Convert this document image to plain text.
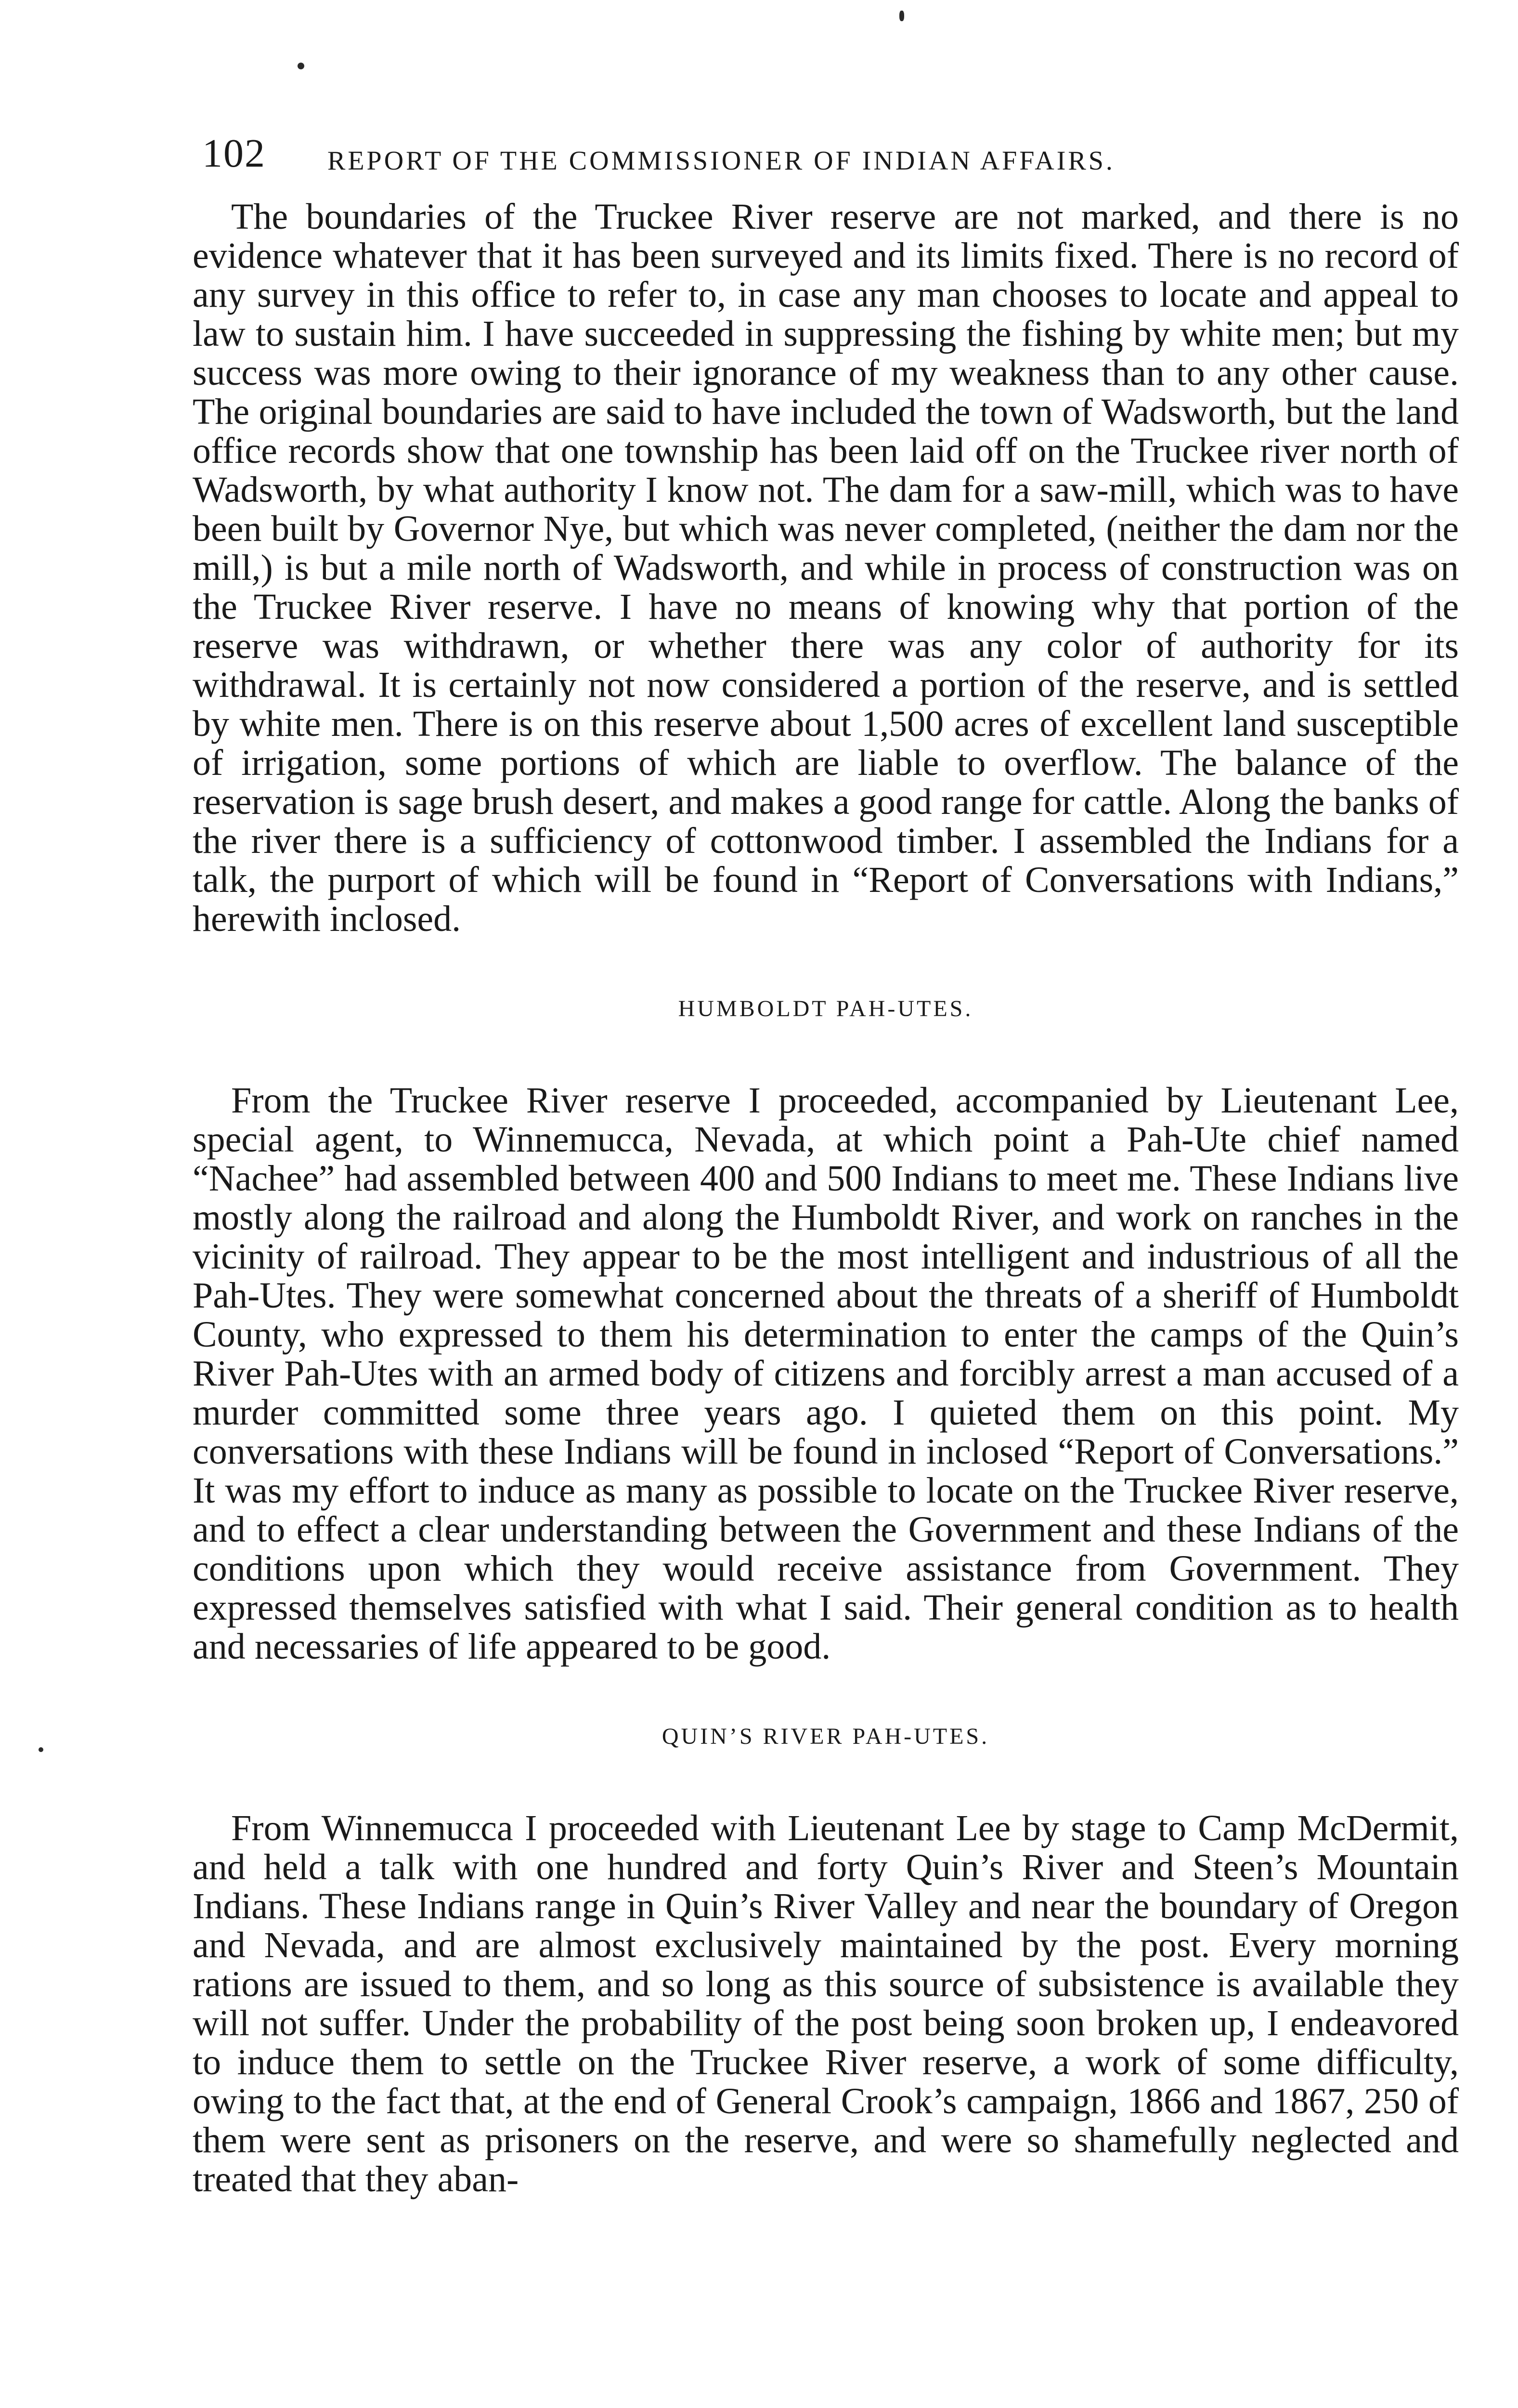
102 REPORT OF THE COMMISSIONER OF INDIAN AFFAIRS.

The boundaries of the Truckee River reserve are not marked, and there is no evidence whatever that it has been surveyed and its limits fixed. There is no record of any survey in this office to refer to, in case any man chooses to locate and appeal to law to sustain him. I have succeeded in suppressing the fishing by white men; but my success was more owing to their ignorance of my weakness than to any other cause. The original boundaries are said to have included the town of Wadsworth, but the land office records show that one township has been laid off on the Truckee river north of Wadsworth, by what authority I know not. The dam for a saw-mill, which was to have been built by Governor Nye, but which was never completed, (neither the dam nor the mill,) is but a mile north of Wadsworth, and while in process of construction was on the Truckee River reserve. I have no means of knowing why that portion of the reserve was withdrawn, or whether there was any color of authority for its withdrawal. It is certainly not now considered a portion of the reserve, and is settled by white men. There is on this reserve about 1,500 acres of excellent land susceptible of irrigation, some portions of which are liable to overflow. The balance of the reservation is sage brush desert, and makes a good range for cattle. Along the banks of the river there is a sufficiency of cottonwood timber. I assembled the Indians for a talk, the purport of which will be found in “Report of Conversations with Indians,” herewith inclosed.

HUMBOLDT PAH-UTES.

From the Truckee River reserve I proceeded, accompanied by Lieutenant Lee, special agent, to Winnemucca, Nevada, at which point a Pah-Ute chief named “Nachee” had assembled between 400 and 500 Indians to meet me. These Indians live mostly along the railroad and along the Humboldt River, and work on ranches in the vicinity of railroad. They appear to be the most intelligent and industrious of all the Pah-Utes. They were somewhat concerned about the threats of a sheriff of Humboldt County, who expressed to them his determination to enter the camps of the Quin’s River Pah-Utes with an armed body of citizens and forcibly arrest a man accused of a murder committed some three years ago. I quieted them on this point. My conversations with these Indians will be found in inclosed “Report of Conversations.” It was my effort to induce as many as possible to locate on the Truckee River reserve, and to effect a clear understanding between the Government and these Indians of the conditions upon which they would receive assistance from Government. They expressed themselves satisfied with what I said. Their general condition as to health and necessaries of life appeared to be good.

QUIN’S RIVER PAH-UTES.

From Winnemucca I proceeded with Lieutenant Lee by stage to Camp McDermit, and held a talk with one hundred and forty Quin’s River and Steen’s Mountain Indians. These Indians range in Quin’s River Valley and near the boundary of Oregon and Nevada, and are almost exclusively maintained by the post. Every morning rations are issued to them, and so long as this source of subsistence is available they will not suffer. Under the probability of the post being soon broken up, I endeavored to induce them to settle on the Truckee River reserve, a work of some difficulty, owing to the fact that, at the end of General Crook’s campaign, 1866 and 1867, 250 of them were sent as prisoners on the reserve, and were so shamefully neglected and treated that they aban-
